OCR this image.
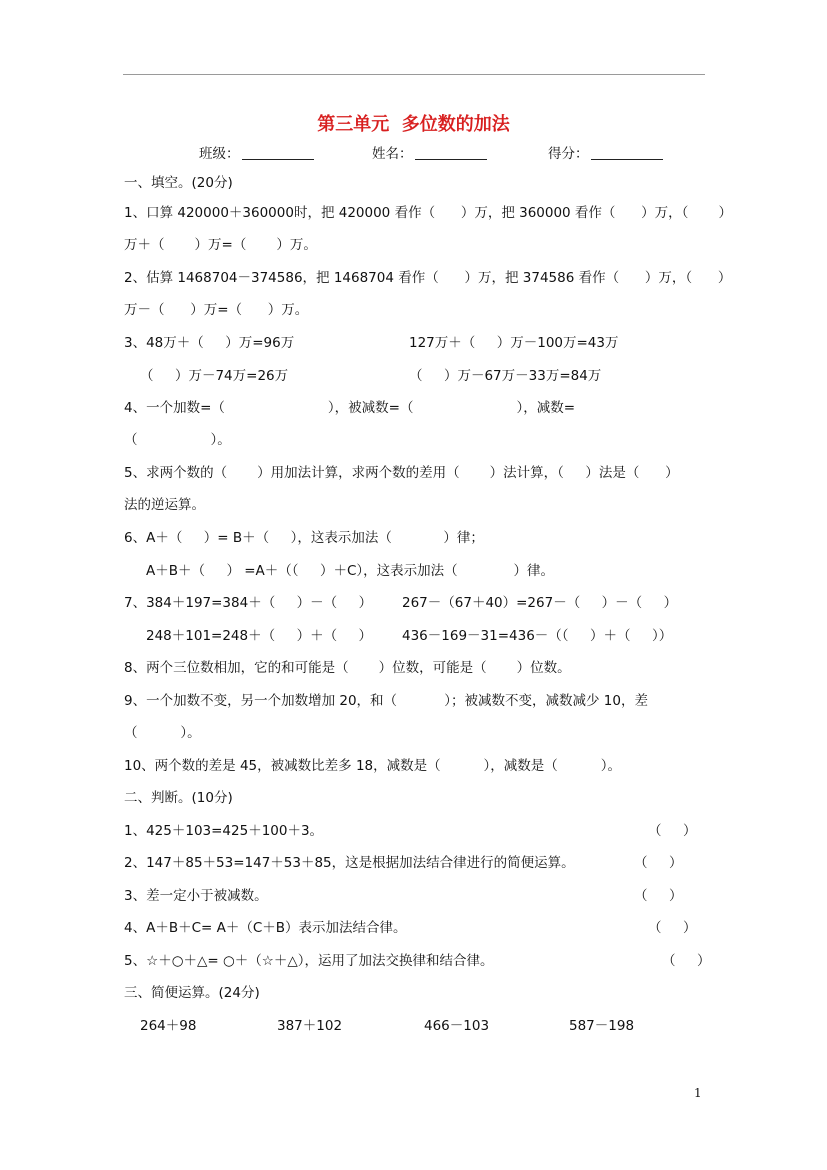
第三单元  多位数的加法
班级：	姓名：	得分：
一、填空。(20分)
1、口算 420000＋360000时，把 420000 看作（      ）万，把 360000 看作（      ）万，（       ）
万＋（       ）万=（       ）万。
2、估算 1468704－374586，把 1468704 看作（      ）万，把 374586 看作（      ）万，（      ）
万－（      ）万=（      ）万。
3、48万＋（     ）万=96万	127万＋（     ）万－100万=43万
（     ）万－74万=26万	（     ）万－67万－33万=84万
4、一个加数=（                        ），被减数=（                        ），减数=
（                 ）。
5、求两个数的（       ）用加法计算，求两个数的差用（       ）法计算，（     ）法是（      ）
法的逆运算。
6、A＋（     ）= B＋（     ），这表示加法（            ）律；
A＋B＋（     ） =A＋（（     ）＋C），这表示加法（             ）律。
7、384＋197=384＋（     ）－（     ） 267－（67＋40）=267－（     ）－（     ）
248＋101=248＋（     ）＋（     ） 436－169－31=436－（（     ）＋（     ））
8、两个三位数相加，它的和可能是（       ）位数，可能是（       ）位数。
9、一个加数不变，另一个加数增加 20，和（           ）；被减数不变，减数减少 10，差
（          ）。
10、两个数的差是 45，被减数比差多 18，减数是（          ），减数是（          ）。
二、判断。(10分)
1、425＋103=425＋100＋3。	（     ）
2、147＋85＋53=147＋53＋85，这是根据加法结合律进行的简便运算。	（     ）
3、差一定小于被减数。	（     ）
4、A＋B＋C= A＋（C＋B）表示加法结合律。	（     ）
5、☆＋○＋△= ○＋（☆＋△），运用了加法交换律和结合律。	（     ）
三、简便运算。(24分)
264＋98	387＋102	466－103	587－198
1
